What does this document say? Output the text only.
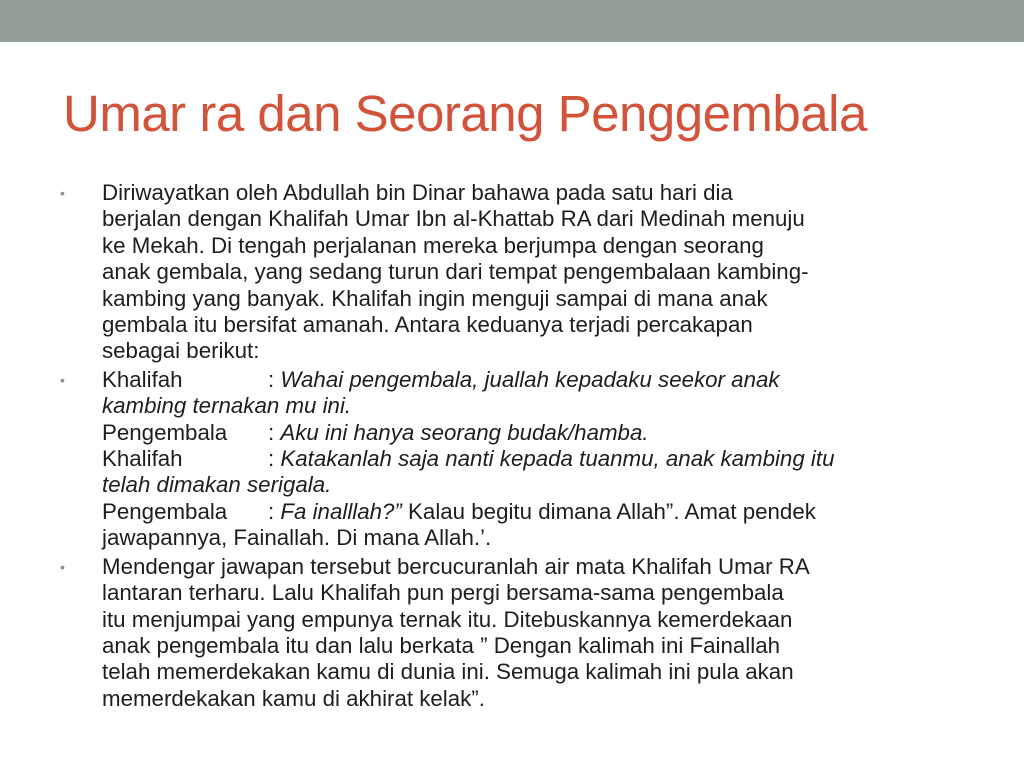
Umar ra dan Seorang Penggembala
•	Diriwayatkan oleh Abdullah bin Dinar bahawa pada satu hari dia
berjalan dengan Khalifah Umar Ibn al-Khattab RA dari Medinah menuju
ke Mekah. Di tengah perjalanan mereka berjumpa dengan seorang
anak gembala, yang sedang turun dari tempat pengembalaan kambing-
kambing yang banyak. Khalifah ingin menguji sampai di mana anak
gembala itu bersifat amanah. Antara keduanya terjadi percakapan
sebagai berikut:
•	Khalifah	: Wahai pengembala, juallah kepadaku seekor anak
kambing ternakan mu ini.
Pengembala : Aku ini hanya seorang budak/hamba.
Khalifah	: Katakanlah saja nanti kepada tuanmu, anak kambing itu
telah dimakan serigala.
Pengembala : Fa inalllah?” Kalau begitu dimana Allah”. Amat pendek
jawapannya, Fainallah. Di mana Allah.’.
•	Mendengar jawapan tersebut bercucuranlah air mata Khalifah Umar RA
lantaran terharu. Lalu Khalifah pun pergi bersama-sama pengembala
itu menjumpai yang empunya ternak itu. Ditebuskannya kemerdekaan
anak pengembala itu dan lalu berkata ” Dengan kalimah ini Fainallah
telah memerdekakan kamu di dunia ini. Semuga kalimah ini pula akan
memerdekakan kamu di akhirat kelak”.
